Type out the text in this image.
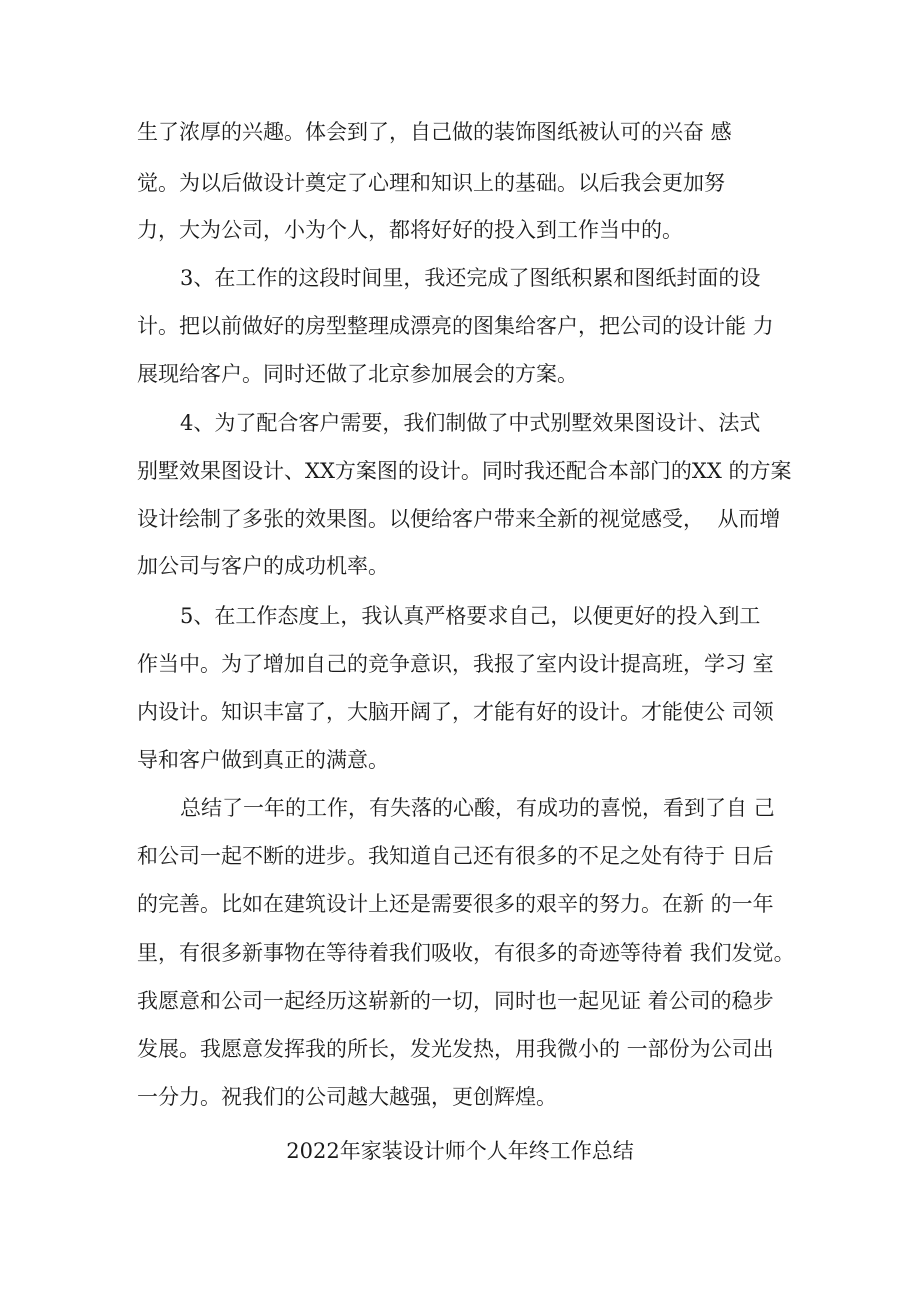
生了浓厚的兴趣。体会到了，自己做的装饰图纸被认可的兴奋 感
觉。为以后做设计奠定了心理和知识上的基础。以后我会更加努
力，大为公司，小为个人，都将好好的投入到工作当中的。
3、在工作的这段时间里，我还完成了图纸积累和图纸封面的设
计。把以前做好的房型整理成漂亮的图集给客户，把公司的设计能 力
展现给客户。同时还做了北京参加展会的方案。
4、为了配合客户需要，我们制做了中式别墅效果图设计、法式
别墅效果图设计、XX方案图的设计。同时我还配合本部门的XX 的方案
设计绘制了多张的效果图。以便给客户带来全新的视觉感受，  从而增
加公司与客户的成功机率。
5、在工作态度上，我认真严格要求自己，以便更好的投入到工
作当中。为了增加自己的竞争意识，我报了室内设计提高班，学习 室
内设计。知识丰富了，大脑开阔了，才能有好的设计。才能使公 司领
导和客户做到真正的满意。
总结了一年的工作，有失落的心酸，有成功的喜悦，看到了自 己
和公司一起不断的进步。我知道自己还有很多的不足之处有待于 日后
的完善。比如在建筑设计上还是需要很多的艰辛的努力。在新 的一年
里，有很多新事物在等待着我们吸收，有很多的奇迹等待着 我们发觉。
我愿意和公司一起经历这崭新的一切，同时也一起见证 着公司的稳步
发展。我愿意发挥我的所长，发光发热，用我微小的 一部份为公司出
一分力。祝我们的公司越大越强，更创辉煌。
2022年家装设计师个人年终工作总结
